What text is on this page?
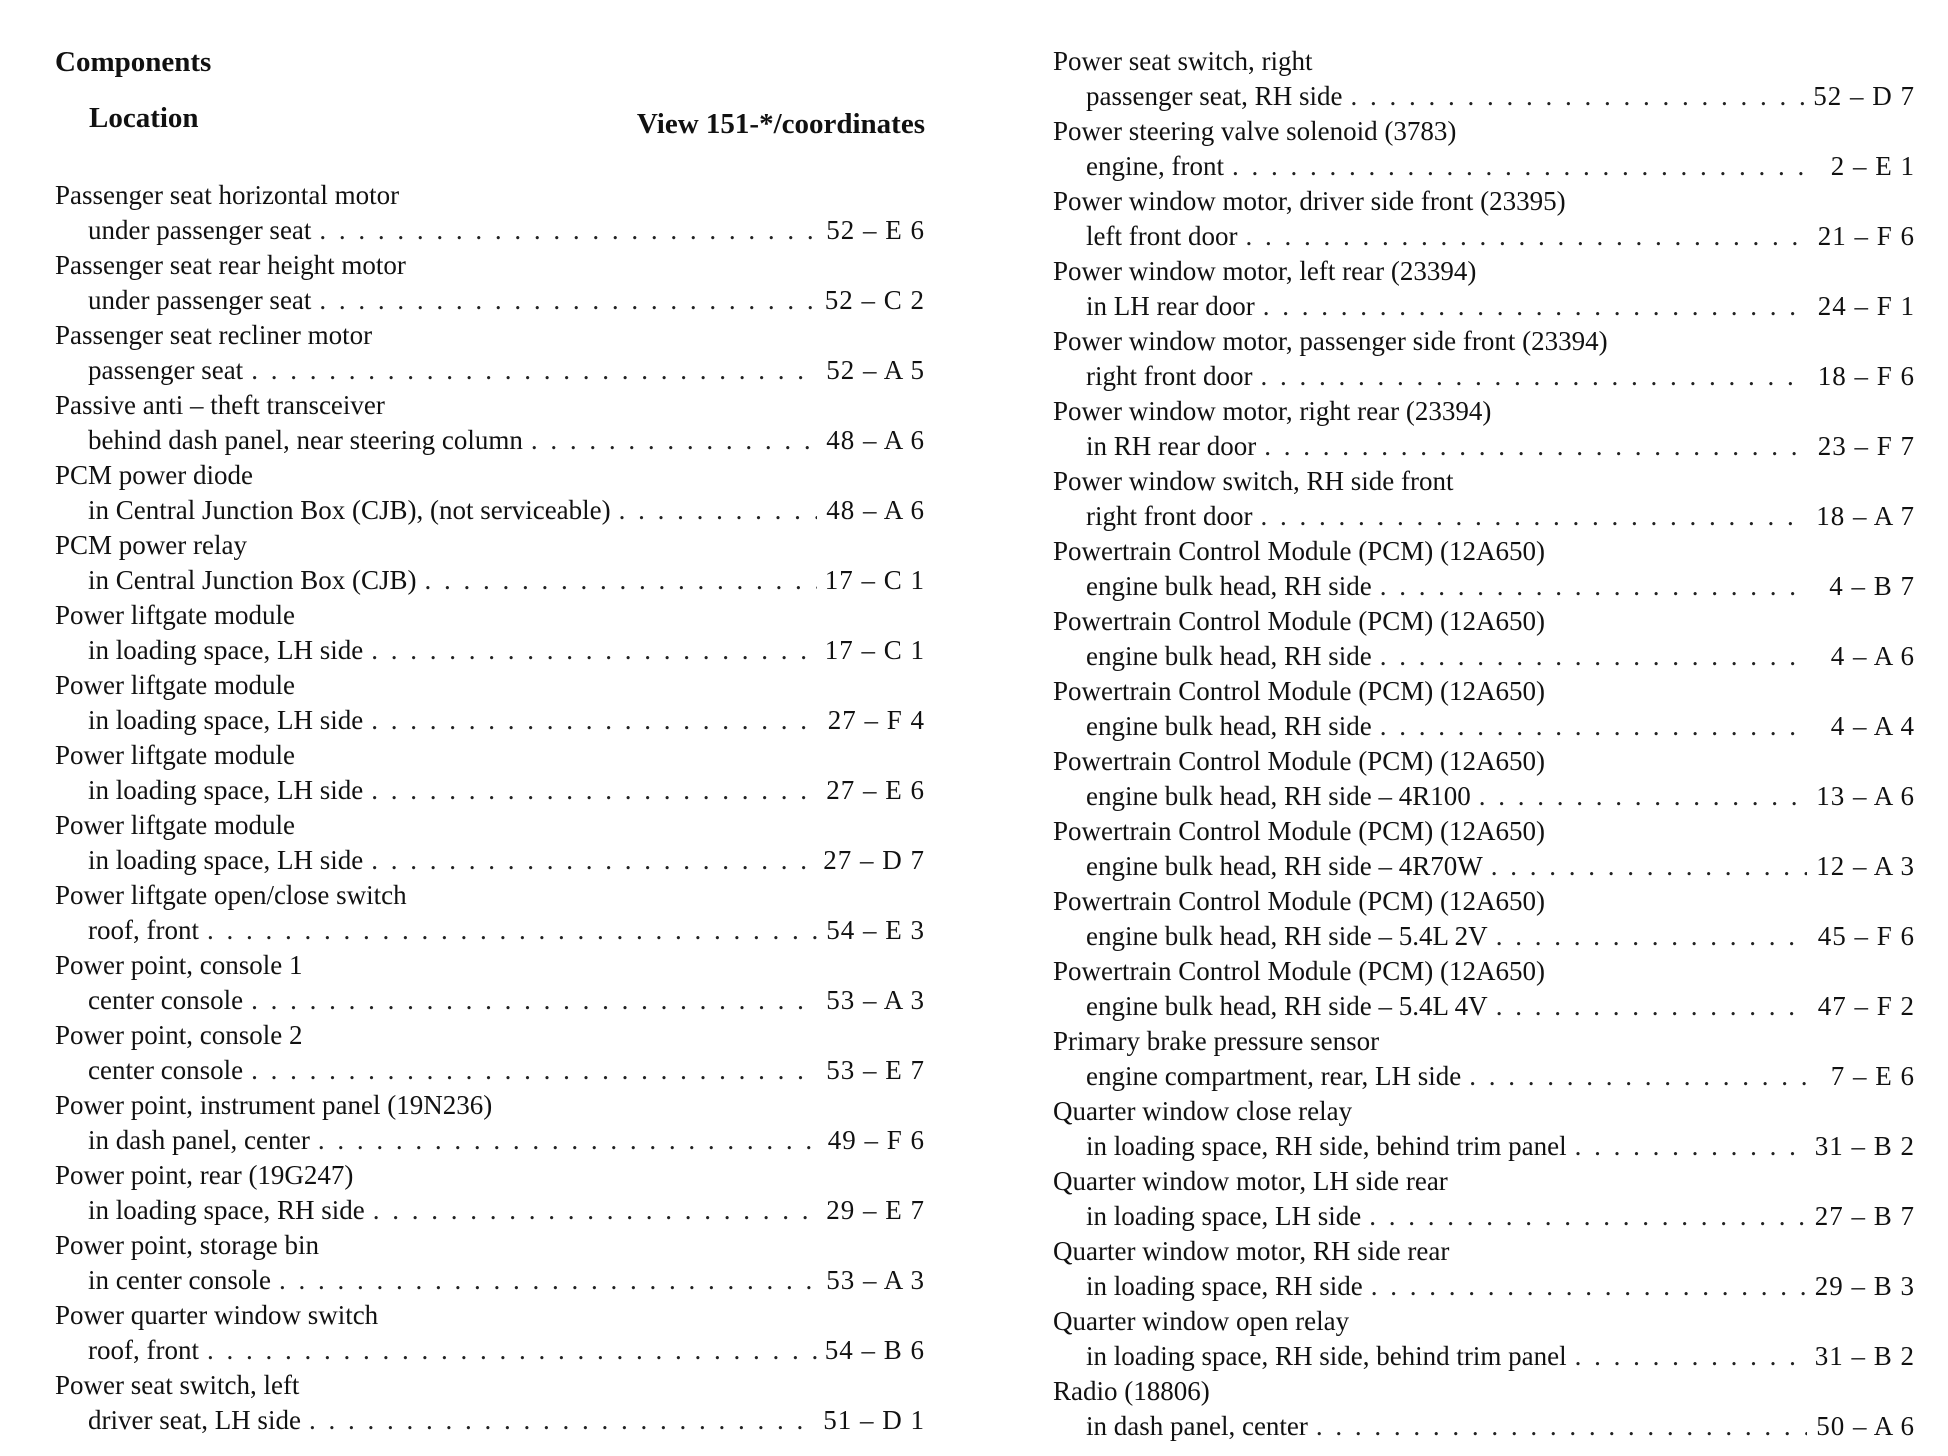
Components
Location	View 151-*/coordinates
Passenger seat horizontal motor
under passenger seat . . .	52 – E 6
Passenger seat rear height motor
under passenger seat . . .	52 – C 2
Passenger seat recliner motor
passenger seat . . .	52 – A 5
Passive anti – theft transceiver
behind dash panel, near steering column . . .	48 – A 6
PCM power diode
in Central Junction Box (CJB), (not serviceable) . . .	48 – A 6
PCM power relay
in Central Junction Box (CJB) . . .	17 – C 1
Power liftgate module
in loading space, LH side . . .	17 – C 1
Power liftgate module
in loading space, LH side . . .	27 – F 4
Power liftgate module
in loading space, LH side . . .	27 – E 6
Power liftgate module
in loading space, LH side . . .	27 – D 7
Power liftgate open/close switch
roof, front . . .	54 – E 3
Power point, console 1
center console . . .	53 – A 3
Power point, console 2
center console . . .	53 – E 7
Power point, instrument panel (19N236)
in dash panel, center . . .	49 – F 6
Power point, rear (19G247)
in loading space, RH side . . .	29 – E 7
Power point, storage bin
in center console . . .	53 – A 3
Power quarter window switch
roof, front . . .	54 – B 6
Power seat switch, left
driver seat, LH side . . .	51 – D 1
Power seat switch, right
passenger seat, RH side . . .	52 – D 7
Power steering valve solenoid (3783)
engine, front . . .	2 – E 1
Power window motor, driver side front (23395)
left front door . . .	21 – F 6
Power window motor, left rear (23394)
in LH rear door . . .	24 – F 1
Power window motor, passenger side front (23394)
right front door . . .	18 – F 6
Power window motor, right rear (23394)
in RH rear door . . .	23 – F 7
Power window switch, RH side front
right front door . . .	18 – A 7
Powertrain Control Module (PCM) (12A650)
engine bulk head, RH side . . .	4 – B 7
Powertrain Control Module (PCM) (12A650)
engine bulk head, RH side . . .	4 – A 6
Powertrain Control Module (PCM) (12A650)
engine bulk head, RH side . . .	4 – A 4
Powertrain Control Module (PCM) (12A650)
engine bulk head, RH side – 4R100 . . .	13 – A 6
Powertrain Control Module (PCM) (12A650)
engine bulk head, RH side – 4R70W . . .	12 – A 3
Powertrain Control Module (PCM) (12A650)
engine bulk head, RH side – 5.4L 2V . . .	45 – F 6
Powertrain Control Module (PCM) (12A650)
engine bulk head, RH side – 5.4L 4V . . .	47 – F 2
Primary brake pressure sensor
engine compartment, rear, LH side . . .	7 – E 6
Quarter window close relay
in loading space, RH side, behind trim panel . . .	31 – B 2
Quarter window motor, LH side rear
in loading space, LH side . . .	27 – B 7
Quarter window motor, RH side rear
in loading space, RH side . . .	29 – B 3
Quarter window open relay
in loading space, RH side, behind trim panel . . .	31 – B 2
Radio (18806)
in dash panel, center . . .	50 – A 6
